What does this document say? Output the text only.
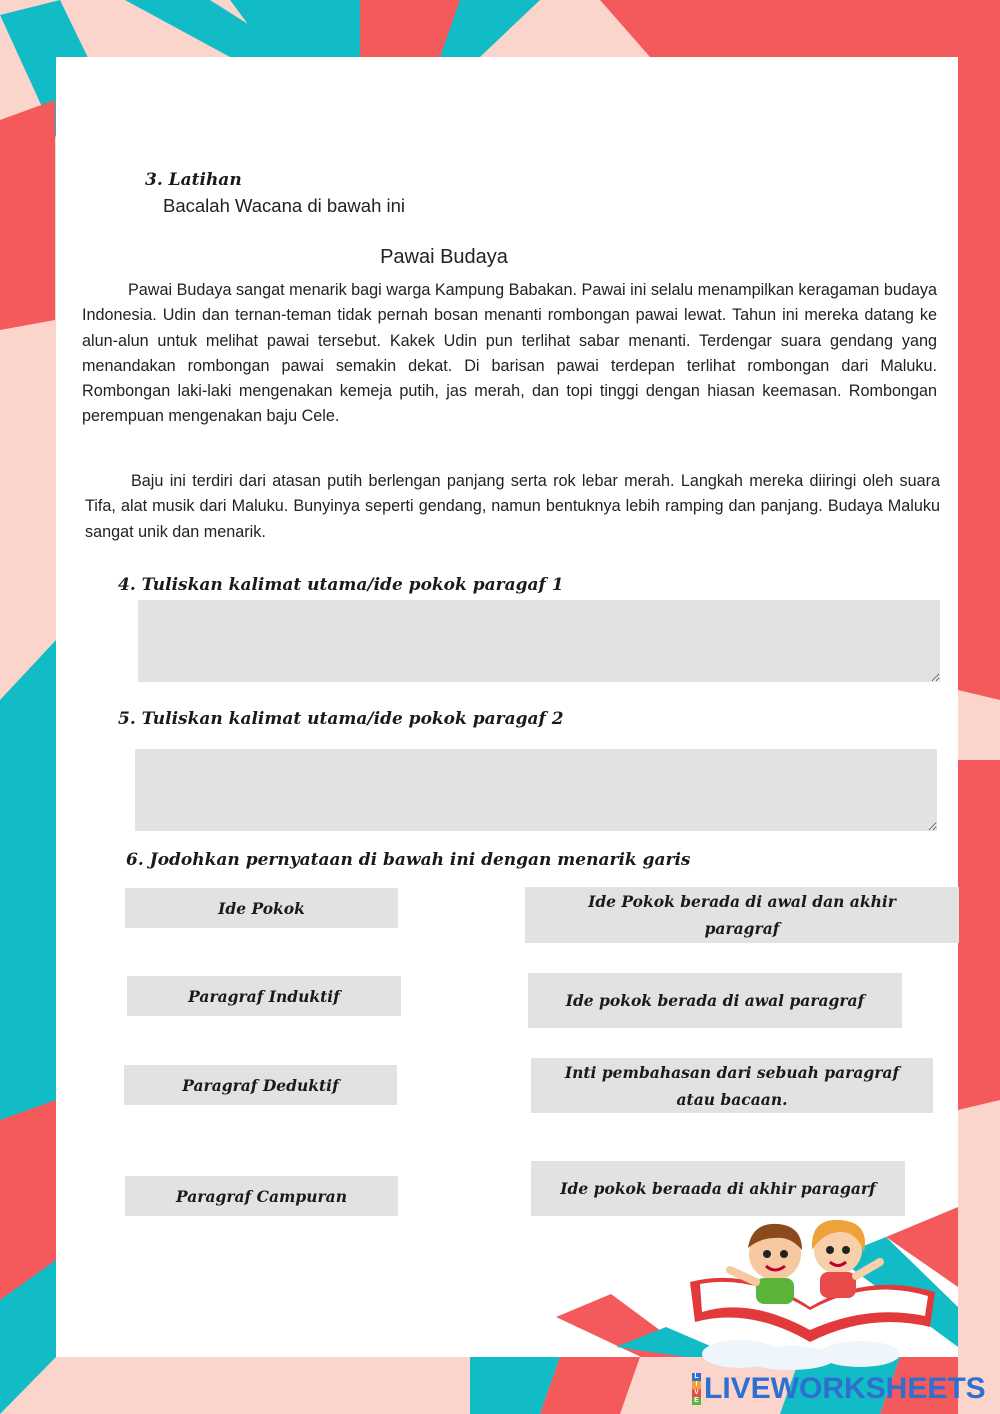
3. Latihan
Bacalah Wacana di bawah ini
Pawai Budaya

Pawai Budaya sangat menarik bagi warga Kampung Babakan. Pawai ini selalu menampilkan keragaman budaya Indonesia. Udin dan ternan-teman tidak pernah bosan menanti rombongan pawai lewat. Tahun ini mereka datang ke alun-alun untuk melihat pawai tersebut. Kakek Udin pun terlihat sabar menanti. Terdengar suara gendang yang menandakan rombongan pawai semakin dekat. Di barisan pawai terdepan terlihat rombongan dari Maluku. Rombongan laki-laki mengenakan kemeja putih, jas merah, dan topi tinggi dengan hiasan keemasan. Rombongan perempuan mengenakan baju Cele.

Baju ini terdiri dari atasan putih berlengan panjang serta rok lebar merah. Langkah mereka diiringi oleh suara Tifa, alat musik dari Maluku. Bunyinya seperti gendang, namun bentuknya lebih ramping dan panjang. Budaya Maluku sangat unik dan menarik.

4. Tuliskan kalimat utama/ide pokok paragaf 1
5. Tuliskan kalimat utama/ide pokok paragaf 2
6. Jodohkan pernyataan di bawah ini dengan menarik garis
Ide Pokok
Paragraf Induktif
Paragraf Deduktif
Paragraf Campuran
Ide Pokok berada di awal dan akhir paragraf
Ide pokok berada di awal paragraf
Inti pembahasan dari sebuah paragraf atau bacaan.
Ide pokok beraada di akhir paragarf
L
I
V
E LIVEWORKSHEETS
